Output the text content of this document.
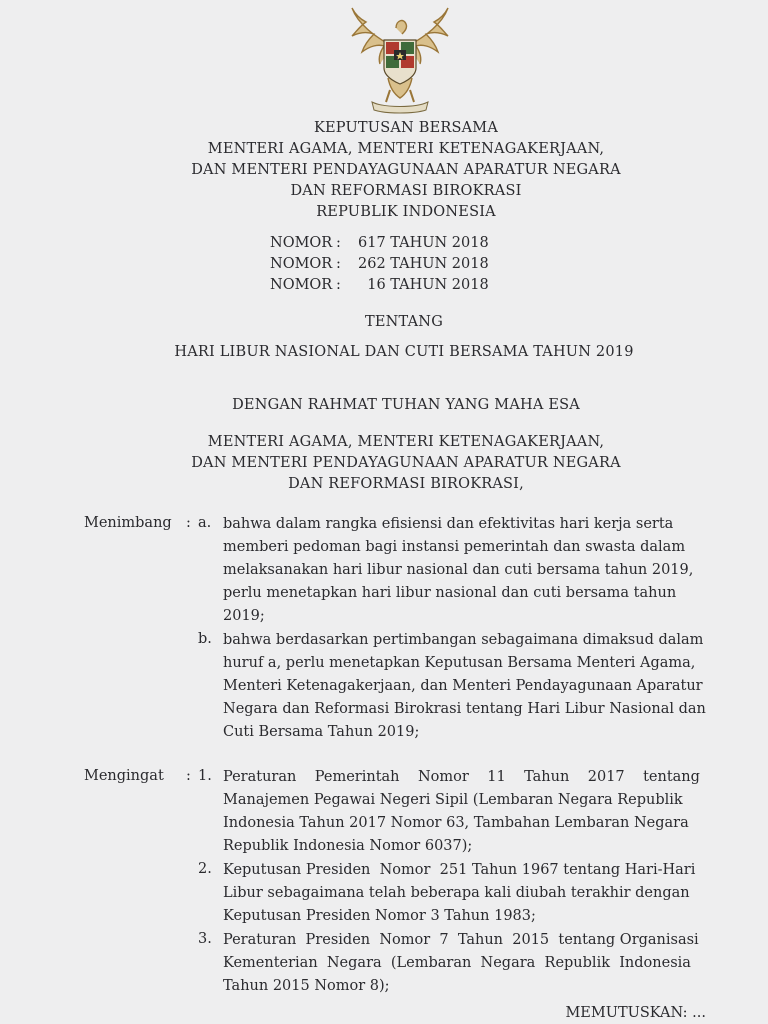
KEPUTUSAN BERSAMA
MENTERI AGAMA, MENTERI KETENAGAKERJAAN,
DAN MENTERI PENDAYAGUNAAN APARATUR NEGARA
DAN REFORMASI BIROKRASI
REPUBLIK INDONESIA
NOMOR : 617 TAHUN 2018
NOMOR : 262 TAHUN 2018
NOMOR :  16 TAHUN 2018
TENTANG
HARI LIBUR NASIONAL DAN CUTI BERSAMA TAHUN 2019
DENGAN RAHMAT TUHAN YANG MAHA ESA
MENTERI AGAMA, MENTERI KETENAGAKERJAAN,
DAN MENTERI PENDAYAGUNAAN APARATUR NEGARA
DAN REFORMASI BIROKRASI,
Menimbang : a. bahwa dalam rangka efisiensi dan efektivitas hari kerja serta
memberi pedoman bagi instansi pemerintah dan swasta dalam
melaksanakan hari libur nasional dan cuti bersama tahun 2019,
perlu menetapkan hari libur nasional dan cuti bersama tahun
2019;
b. bahwa berdasarkan pertimbangan sebagaimana dimaksud dalam
huruf a, perlu menetapkan Keputusan Bersama Menteri Agama,
Menteri Ketenagakerjaan, dan Menteri Pendayagunaan Aparatur
Negara dan Reformasi Birokrasi tentang Hari Libur Nasional dan
Cuti Bersama Tahun 2019;
Mengingat : 1. Peraturan    Pemerintah    Nomor    11    Tahun    2017    tentang
Manajemen Pegawai Negeri Sipil (Lembaran Negara Republik
Indonesia Tahun 2017 Nomor 63, Tambahan Lembaran Negara
Republik Indonesia Nomor 6037);
2. Keputusan Presiden  Nomor  251 Tahun 1967 tentang Hari-Hari
Libur sebagaimana telah beberapa kali diubah terakhir dengan
Keputusan Presiden Nomor 3 Tahun 1983;
3. Peraturan  Presiden  Nomor  7  Tahun  2015  tentang Organisasi
Kementerian  Negara  (Lembaran  Negara  Republik  Indonesia
Tahun 2015 Nomor 8);
MEMUTUSKAN: ...
